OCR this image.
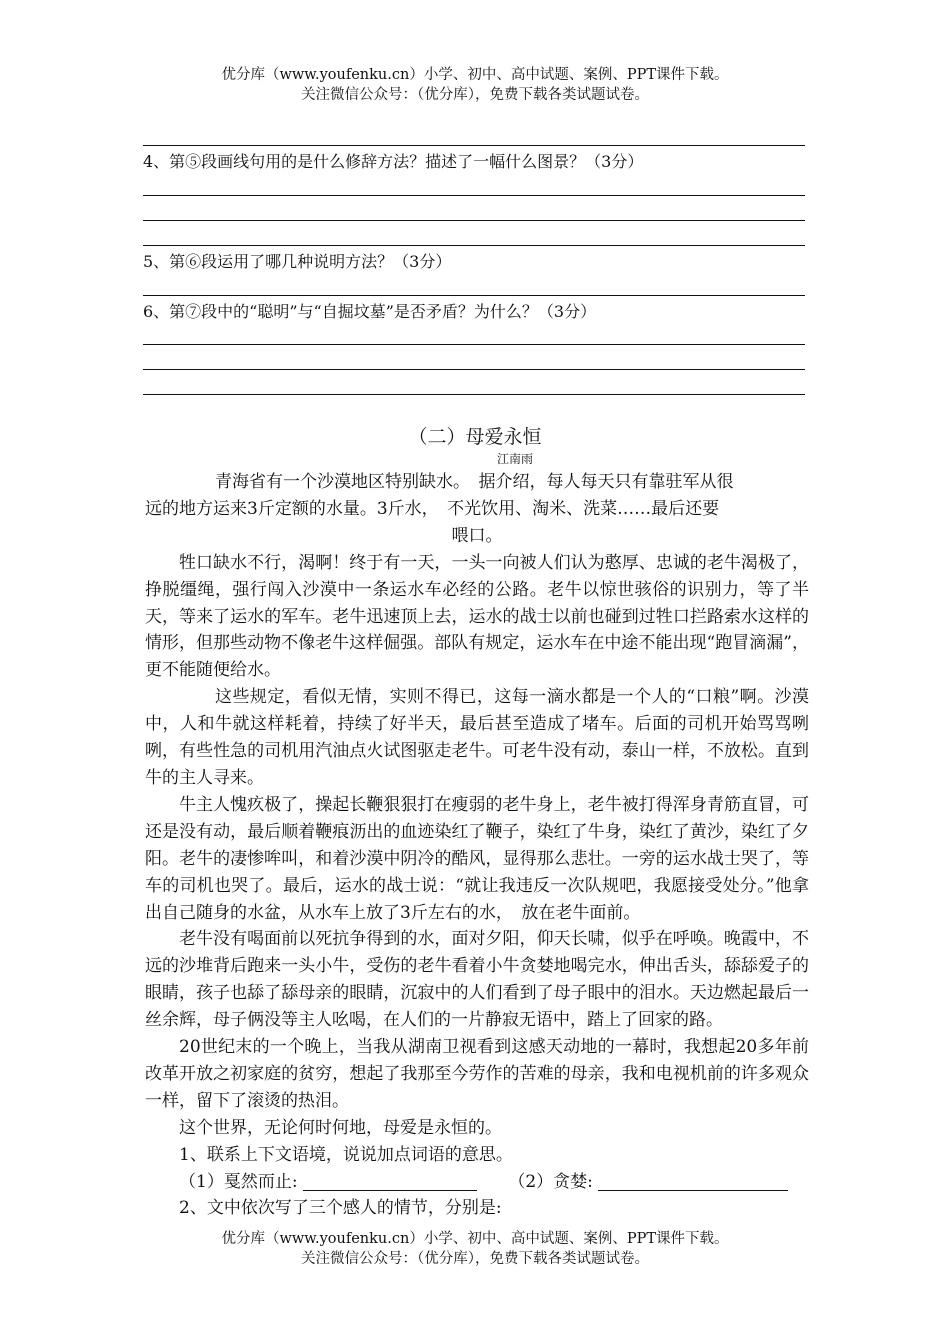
优分库（www.youfenku.cn）小学、初中、高中试题、案例、PPT课件下载。
关注微信公众号：（优分库），免费下载各类试题试卷。
4、第⑤段画线句用的是什么修辞方法？描述了一幅什么图景？（3分）
5、第⑥段运用了哪几种说明方法？（3分）
6、第⑦段中的“聪明”与“自掘坟墓”是否矛盾？为什么？（3分）
（二）母爱永恒
江南雨

青海省有一个沙漠地区特别缺水。　据介绍，每人每天只有靠驻军从很

远的地方运来3斤定额的水量。3斤水，　不光饮用、淘米、洗菜……最后还要

喂口。

牲口缺水不行，渴啊！终于有一天，一头一向被人们认为憨厚、忠诚的老牛渴极了，挣脱缰绳，强行闯入沙漠中一条运水车必经的公路。老牛以惊世骇俗的识别力，等了半天，等来了运水的军车。老牛迅速顶上去，运水的战士以前也碰到过牲口拦路索水这样的情形，但那些动物不像老牛这样倔强。部队有规定，运水车在中途不能出现“跑冒滴漏”，更不能随便给水。

这些规定，看似无情，实则不得已，这每一滴水都是一个人的“口粮”啊。沙漠中，人和牛就这样耗着，持续了好半天，最后甚至造成了堵车。后面的司机开始骂骂咧咧，有些性急的司机用汽油点火试图驱走老牛。可老牛没有动，泰山一样，不放松。直到牛的主人寻来。

牛主人愧疚极了，操起长鞭狠狠打在瘦弱的老牛身上，老牛被打得浑身青筋直冒，可还是没有动，最后顺着鞭痕沥出的血迹染红了鞭子，染红了牛身，染红了黄沙，染红了夕阳。老牛的凄惨哞叫，和着沙漠中阴冷的酷风，显得那么悲壮。一旁的运水战士哭了，等车的司机也哭了。最后，运水的战士说：“就让我违反一次队规吧，我愿接受处分。”他拿出自己随身的水盆，从水车上放了3斤左右的水，　放在老牛面前。

老牛没有喝面前以死抗争得到的水，面对夕阳，仰天长啸，似乎在呼唤。晚霞中，不远的沙堆背后跑来一头小牛，受伤的老牛看着小牛贪婪地喝完水，伸出舌头，舔舔爱子的眼睛，孩子也舔了舔母亲的眼睛，沉寂中的人们看到了母子眼中的泪水。天边燃起最后一丝余辉，母子俩没等主人吆喝，在人们的一片静寂无语中，踏上了回家的路。

20世纪末的一个晚上，当我从湖南卫视看到这感天动地的一幕时，我想起20多年前改革开放之初家庭的贫穷，想起了我那至今劳作的苦难的母亲，我和电视机前的许多观众一样，留下了滚烫的热泪。

这个世界，无论何时何地，母爱是永恒的。

1、联系上下文语境，说说加点词语的意思。

（1）戛然而止:	（2）贪婪:

2、文中依次写了三个感人的情节，分别是:

优分库（www.youfenku.cn）小学、初中、高中试题、案例、PPT课件下载。
关注微信公众号：（优分库），免费下载各类试题试卷。
